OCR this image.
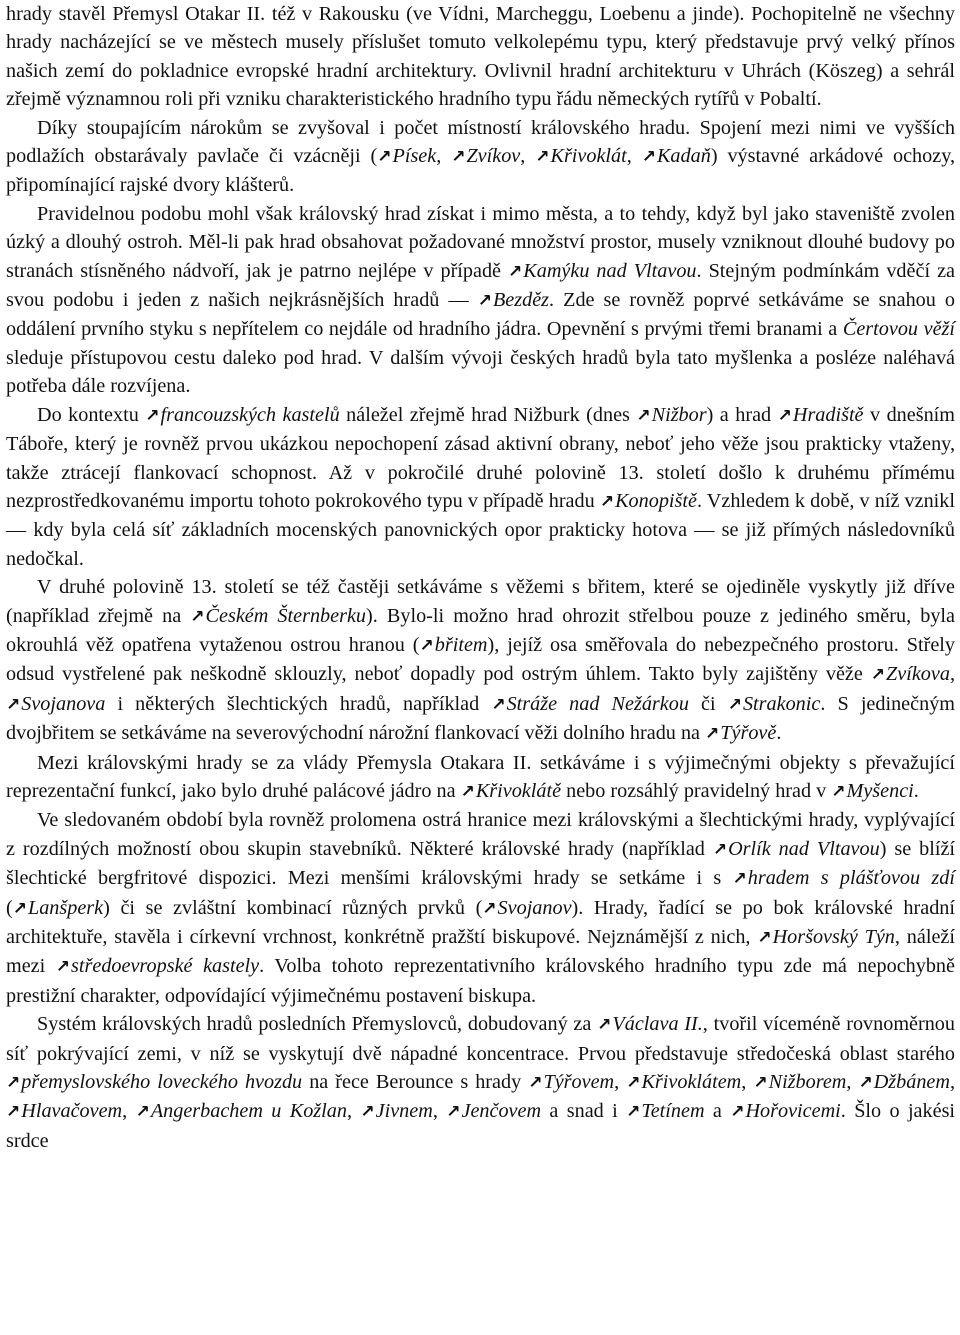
hrady stavěl Přemysl Otakar II. též v Rakousku (ve Vídni, Marcheggu, Loebenu a jinde). Pochopitelně ne všechny hrady nacházející se ve městech musely příslušet tomuto velkolepému typu, který představuje prvý velký přínos našich zemí do pokladnice evropské hradní architektury. Ovlivnil hradní architekturu v Uhrách (Köszeg) a sehrál zřejmě významnou roli při vzniku charakteristického hradního typu řádu německých rytířů v Pobaltí.

Díky stoupajícím nárokům se zvyšoval i počet místností královského hradu. Spojení mezi nimi ve vyšších podlažích obstarávaly pavlače či vzácněji ( ↗ Písek, ↗ Zvíkov, ↗ Křivoklát, ↗ Kadaň) výstavné arkádové ochozy, připomínající rajské dvory klášterů.

Pravidelnou podobu mohl však královský hrad získat i mimo města, a to tehdy, když byl jako staveniště zvolen úzký a dlouhý ostroh. Měl-li pak hrad obsahovat požadované množství prostor, musely vzniknout dlouhé budovy po stranách stísněného nádvoří, jak je patrno nejlépe v případě ↗ Kamýku nad Vltavou. Stejným podmínkám vděčí za svou podobu i jeden z našich nejkrásnějších hradů — ↗ Bezděz. Zde se rovněž poprvé setkáváme se snahou o oddálení prvního styku s nepřítelem co nejdále od hradního jádra. Opevnění s prvými třemi branami a Čertovou věží sleduje přístupovou cestu daleko pod hrad. V dalším vývoji českých hradů byla tato myšlenka a posléze naléhavá potřeba dále rozvíjena.

Do kontextu ↗ francouzských kastelů náležel zřejmě hrad Nižburk (dnes ↗ Nižbor) a hrad ↗ Hradiště v dnešním Táboře, který je rovněž prvou ukázkou nepochopení zásad aktivní obrany, neboť jeho věže jsou prakticky vtaženy, takže ztrácejí flankovací schopnost. Až v pokročilé druhé polovině 13. století došlo k druhému přímému nezprostředkovanému importu tohoto pokrokového typu v případě hradu ↗ Konopiště. Vzhledem k době, v níž vznikl — kdy byla celá síť základních mocenských panovnických opor prakticky hotova — se již přímých následovníků nedočkal.

V druhé polovině 13. století se též častěji setkáváme s věžemi s břitem, které se ojediněle vyskytly již dříve (například zřejmě na ↗ Českém Šternberku). Bylo-li možno hrad ohrozit střelbou pouze z jediného směru, byla okrouhlá věž opatřena vytaženou ostrou hranou ( ↗ břitem), jejíž osa směřovala do nebezpečného prostoru. Střely odsud vystřelené pak neškodně sklouzly, neboť dopadly pod ostrým úhlem. Takto byly zajištěny věže ↗ Zvíkova, ↗ Svojanova i některých šlechtických hradů, například ↗ Stráže nad Nežárkou či ↗ Strakonic. S jedinečným dvojbřitem se setkáváme na severovýchodní nárožní flankovací věži dolního hradu na ↗ Týřově.

Mezi královskými hrady se za vlády Přemysla Otakara II. setkáváme i s výjimečnými objekty s převažující reprezentační funkcí, jako bylo druhé palácové jádro na ↗ Křivoklátě nebo rozsáhlý pravidelný hrad v ↗ Myšenci.

Ve sledovaném období byla rovněž prolomena ostrá hranice mezi královskými a šlechtickými hrady, vyplývající z rozdílných možností obou skupin stavebníků. Některé královské hrady (například ↗ Orlík nad Vltavou) se blíží šlechtické bergfritové dispozici. Mezi menšími královskými hrady se setkáme i s ↗ hradem s plášťovou zdí ( ↗ Lanšperk) či se zvláštní kombinací různých prvků ( ↗ Svojanov). Hrady, řadící se po bok královské hradní architektuře, stavěla i církevní vrchnost, konkrétně pražští biskupové. Nejznámější z nich, ↗ Horšovský Týn, náleží mezi ↗ středoevropské kastely. Volba tohoto reprezentativního královského hradního typu zde má nepochybně prestižní charakter, odpovídající výjimečnému postavení biskupa.

Systém královských hradů posledních Přemyslovců, dobudovaný za ↗ Václava II., tvořil víceméně rovnoměrnou síť pokrývající zemi, v níž se vyskytují dvě nápadné koncentrace. Prvou představuje středočeská oblast starého ↗ přemyslovského loveckého hvozdu na řece Berounce s hrady ↗ Týřovem, ↗ Křivoklátem, ↗ Nižborem, ↗ Džbánem, ↗ Hlavačovem, ↗ Angerbachem u Kožlan, ↗ Jivnem, ↗ Jenčovem a snad i ↗ Tetínem a ↗ Hořovicemi. Šlo o jakési srdce
